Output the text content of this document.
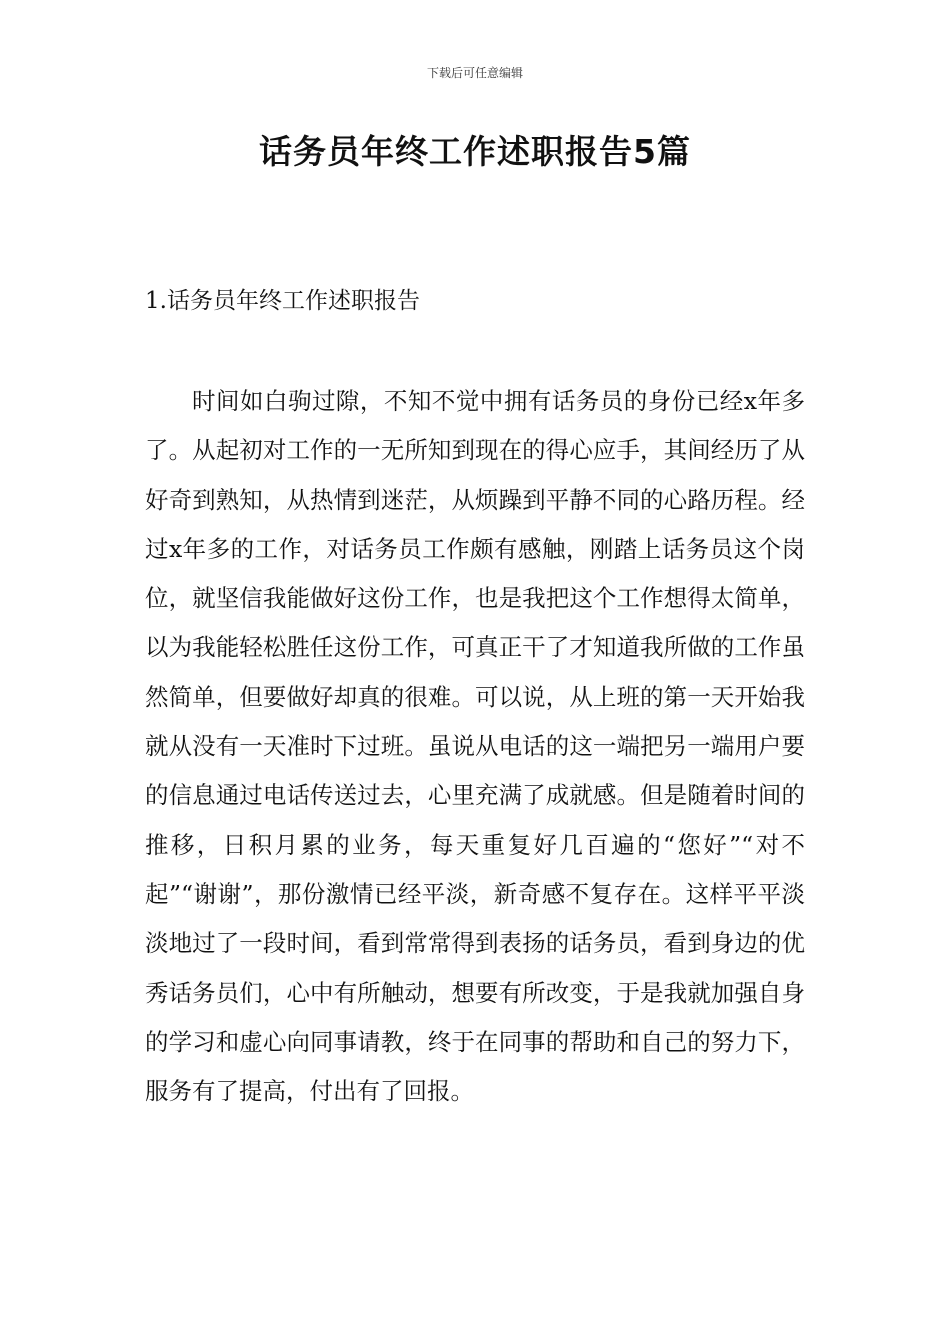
下载后可任意编辑
话务员年终工作述职报告5篇
1.话务员年终工作述职报告

时间如白驹过隙，不知不觉中拥有话务员的身份已经x年多了。从起初对工作的一无所知到现在的得心应手，其间经历了从好奇到熟知，从热情到迷茫，从烦躁到平静不同的心路历程。经过x年多的工作，对话务员工作颇有感触，刚踏上话务员这个岗位，就坚信我能做好这份工作，也是我把这个工作想得太简单，以为我能轻松胜任这份工作，可真正干了才知道我所做的工作虽然简单，但要做好却真的很难。可以说，从上班的第一天开始我就从没有一天准时下过班。虽说从电话的这一端把另一端用户要的信息通过电话传送过去，心里充满了成就感。但是随着时间的推移，日积月累的业务，每天重复好几百遍的“您好”“对不起”“谢谢”，那份激情已经平淡，新奇感不复存在。这样平平淡淡地过了一段时间，看到常常得到表扬的话务员，看到身边的优秀话务员们，心中有所触动，想要有所改变，于是我就加强自身的学习和虚心向同事请教，终于在同事的帮助和自己的努力下，服务有了提高，付出有了回报。
